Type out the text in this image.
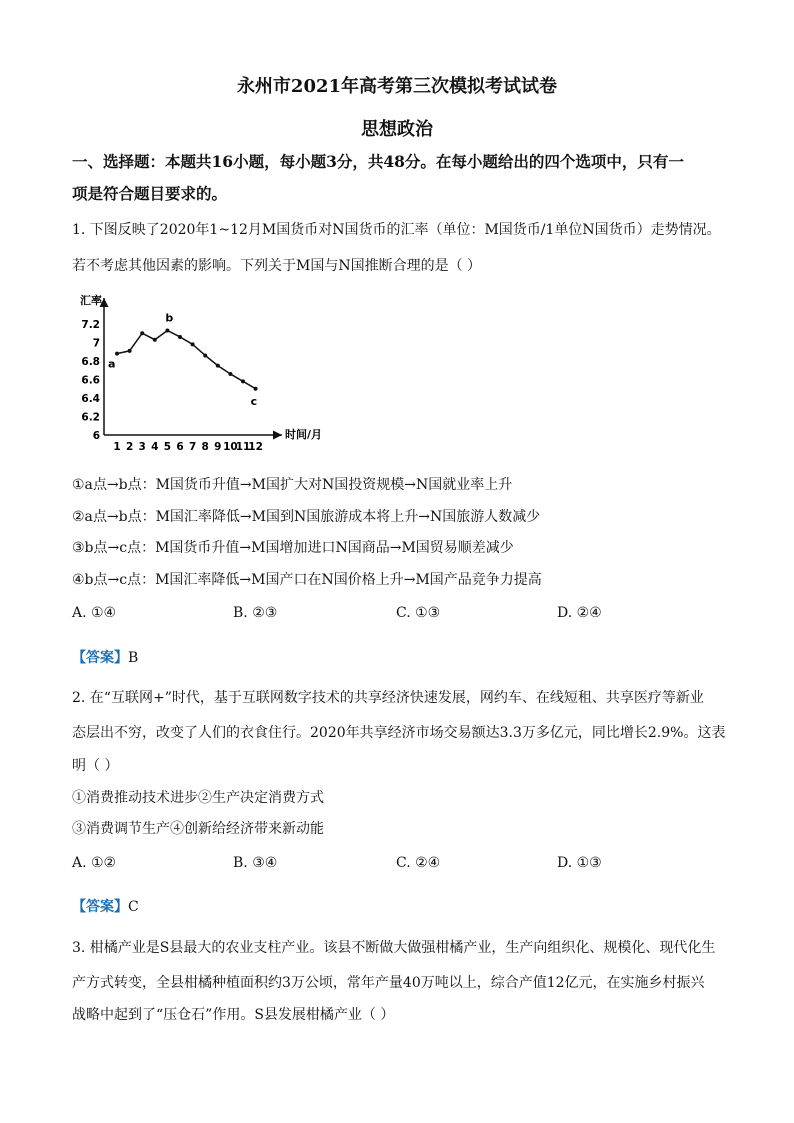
永州市2021年高考第三次模拟考试试卷
思想政治
一、选择题：本题共16小题，每小题3分，共48分。在每小题给出的四个选项中，只有一
项是符合题目要求的。
1. 下图反映了2020年1~12月M国货币对N国货币的汇率（单位：M国货币/1单位N国货币）走势情况。
若不考虑其他因素的影响。下列关于M国与N国推断合理的是（ ）
汇率
时间/月
7.2
7
6.8
6.6
6.4
6.2
6
1 2 3 4 5 6 7 8 9 10
11
12
a
b
c
①a点→b点：M国货币升值→M国扩大对N国投资规模→N国就业率上升
②a点→b点：M国汇率降低→M国到N国旅游成本将上升→N国旅游人数减少
③b点→c点：M国货币升值→M国增加进口N国商品→M国贸易顺差减少
④b点→c点：M国汇率降低→M国产口在N国价格上升→M国产品竞争力提高
A. ①④	B. ②③	C. ①③	D. ②④
【答案】B
2. 在“互联网+”时代，基于互联网数字技术的共享经济快速发展，网约车、在线短租、共享医疗等新业
态层出不穷，改变了人们的衣食住行。2020年共享经济市场交易额达3.3万多亿元，同比增长2.9%。这表
明（ ）
①消费推动技术进步②生产决定消费方式
③消费调节生产④创新给经济带来新动能
A. ①②	B. ③④	C. ②④	D. ①③
【答案】C
3. 柑橘产业是S县最大的农业支柱产业。该县不断做大做强柑橘产业，生产向组织化、规模化、现代化生
产方式转变，全县柑橘种植面积约3万公顷，常年产量40万吨以上，综合产值12亿元，在实施乡村振兴
战略中起到了“压仓石”作用。S县发展柑橘产业（ ）
